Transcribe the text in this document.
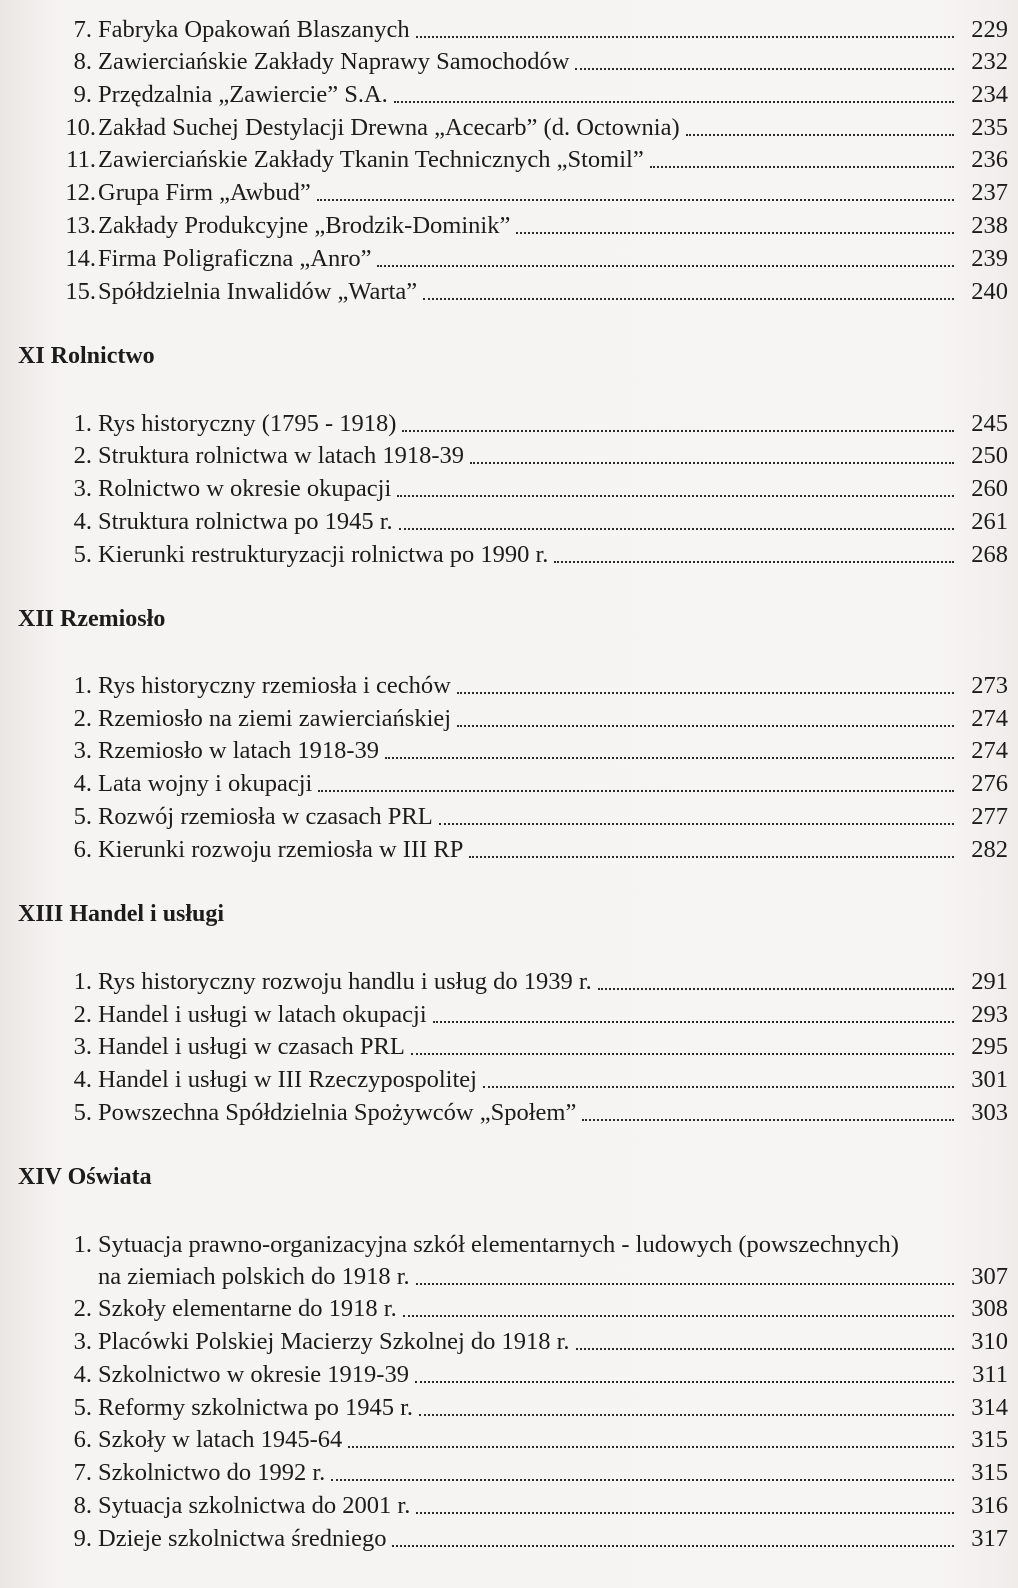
7. Fabryka Opakowań Blaszanych	229
8. Zawierciańskie Zakłady Naprawy Samochodów	232
9. Przędzalnia „Zawiercie” S.A.	234
10. Zakład Suchej Destylacji Drewna „Acecarb” (d. Octownia)	235
11. Zawierciańskie Zakłady Tkanin Technicznych „Stomil”	236
12. Grupa Firm „Awbud”	237
13. Zakłady Produkcyjne „Brodzik-Dominik”	238
14. Firma Poligraficzna „Anro”	239
15. Spółdzielnia Inwalidów „Warta”	240
XI Rolnictwo
1. Rys historyczny (1795 - 1918)	245
2. Struktura rolnictwa w latach 1918-39	250
3. Rolnictwo w okresie okupacji	260
4. Struktura rolnictwa po 1945 r.	261
5. Kierunki restrukturyzacji rolnictwa po 1990 r.	268
XII Rzemiosło
1. Rys historyczny rzemiosła i cechów	273
2. Rzemiosło na ziemi zawierciańskiej	274
3. Rzemiosło w latach 1918-39	274
4. Lata wojny i okupacji	276
5. Rozwój rzemiosła w czasach PRL	277
6. Kierunki rozwoju rzemiosła w III RP	282
XIII Handel i usługi
1. Rys historyczny rozwoju handlu i usług do 1939 r.	291
2. Handel i usługi w latach okupacji	293
3. Handel i usługi w czasach PRL	295
4. Handel i usługi w III Rzeczypospolitej	301
5. Powszechna Spółdzielnia Spożywców „Społem”	303
XIV Oświata
1. Sytuacja prawno-organizacyjna szkół elementarnych - ludowych (powszechnych)
na ziemiach polskich do 1918 r.	307
2. Szkoły elementarne do 1918 r.	308
3. Placówki Polskiej Macierzy Szkolnej do 1918 r.	310
4. Szkolnictwo w okresie 1919-39	311
5. Reformy szkolnictwa po 1945 r.	314
6. Szkoły w latach 1945-64	315
7. Szkolnictwo do 1992 r.	315
8. Sytuacja szkolnictwa do 2001 r.	316
9. Dzieje szkolnictwa średniego	317
